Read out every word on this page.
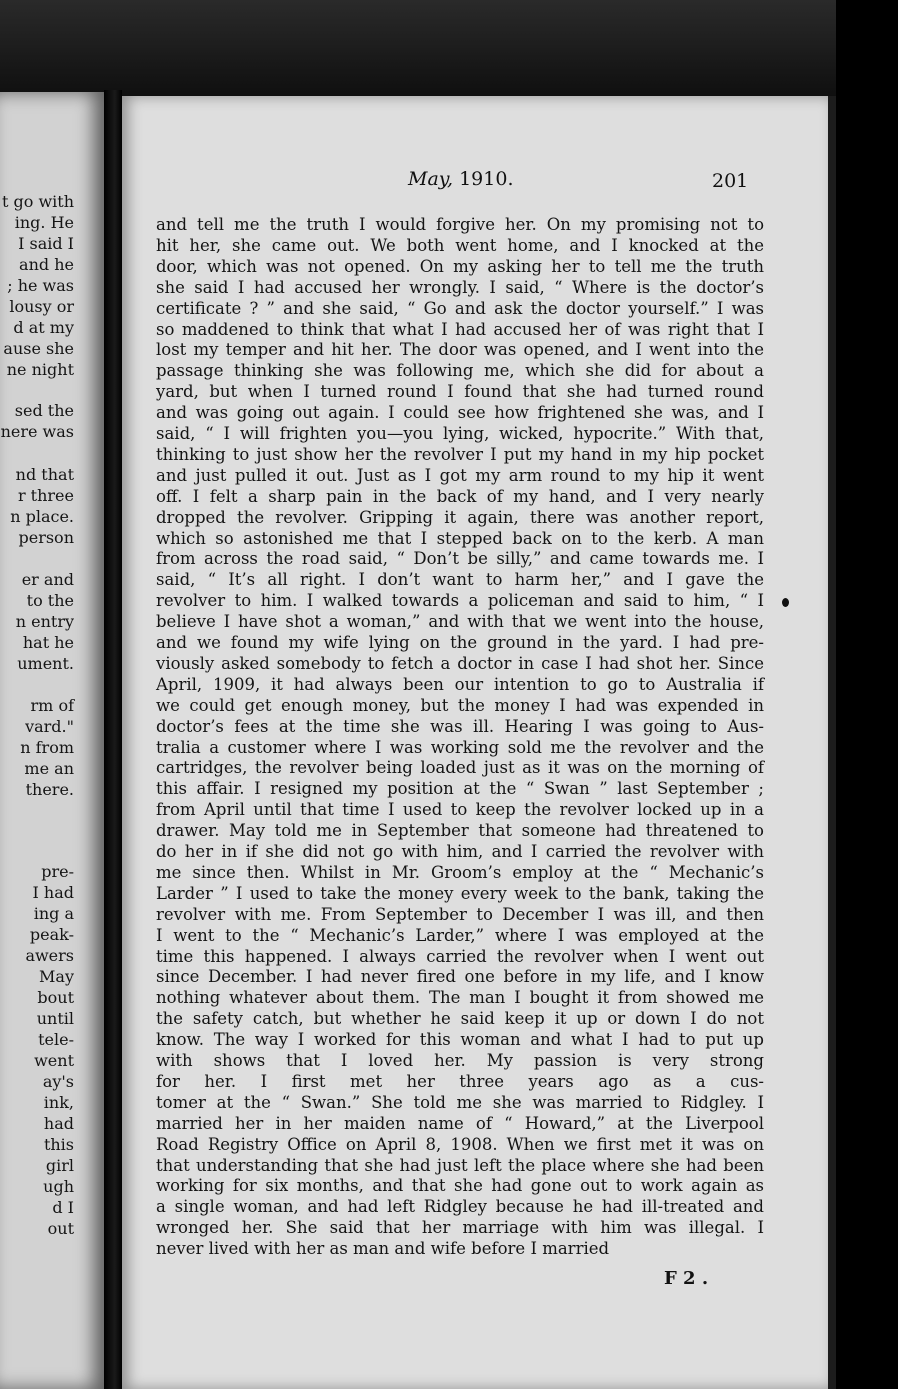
t go with
ing. He
I said I
and he
; he was
lousy or
d at my
ause she
ne night
sed the
nere was
nd that
r three
n place.
person
er and
to the
n entry
hat he
ument.
rm of
vard."
n from
me an
there.
pre-
I had
ing a
peak-
awers
May
bout
until
tele-
went
ay's
ink,
had
this
girl
ugh
d I
out
May, 1910.	201
and tell me the truth I would forgive her. On my promising not to
hit her, she came out. We both went home, and I knocked at the
door, which was not opened. On my asking her to tell me the truth
she said I had accused her wrongly. I said, “ Where is the doctor’s
certificate ? ” and she said, “ Go and ask the doctor yourself.” I was
so maddened to think that what I had accused her of was right that I
lost my temper and hit her. The door was opened, and I went into the
passage thinking she was following me, which she did for about a
yard, but when I turned round I found that she had turned round
and was going out again. I could see how frightened she was, and I
said, “ I will frighten you—you lying, wicked, hypocrite.” With that,
thinking to just show her the revolver I put my hand in my hip pocket
and just pulled it out. Just as I got my arm round to my hip it went
off. I felt a sharp pain in the back of my hand, and I very nearly
dropped the revolver. Gripping it again, there was another report,
which so astonished me that I stepped back on to the kerb. A man
from across the road said, “ Don’t be silly,” and came towards me. I
said, “ It’s all right. I don’t want to harm her,” and I gave the
revolver to him. I walked towards a policeman and said to him, “ I
believe I have shot a woman,” and with that we went into the house,
and we found my wife lying on the ground in the yard. I had pre-
viously asked somebody to fetch a doctor in case I had shot her. Since
April, 1909, it had always been our intention to go to Australia if
we could get enough money, but the money I had was expended in
doctor’s fees at the time she was ill. Hearing I was going to Aus-
tralia a customer where I was working sold me the revolver and the
cartridges, the revolver being loaded just as it was on the morning of
this affair. I resigned my position at the “ Swan ” last September ;
from April until that time I used to keep the revolver locked up in a
drawer. May told me in September that someone had threatened to
do her in if she did not go with him, and I carried the revolver with
me since then. Whilst in Mr. Groom’s employ at the “ Mechanic’s
Larder ” I used to take the money every week to the bank, taking the
revolver with me. From September to December I was ill, and then
I went to the “ Mechanic’s Larder,” where I was employed at the
time this happened. I always carried the revolver when I went out
since December. I had never fired one before in my life, and I know
nothing whatever about them. The man I bought it from showed me
the safety catch, but whether he said keep it up or down I do not
know. The way I worked for this woman and what I had to put up
with shows that I loved her. My passion is very strong
for her. I first met her three years ago as a cus-
tomer at the “ Swan.” She told me she was married to Ridgley. I
married her in her maiden name of “ Howard,” at the Liverpool
Road Registry Office on April 8, 1908. When we first met it was on
that understanding that she had just left the place where she had been
working for six months, and that she had gone out to work again as
a single woman, and had left Ridgley because he had ill-treated and
wronged her. She said that her marriage with him was illegal. I
never lived with her as man and wife before I married
F 2 .
